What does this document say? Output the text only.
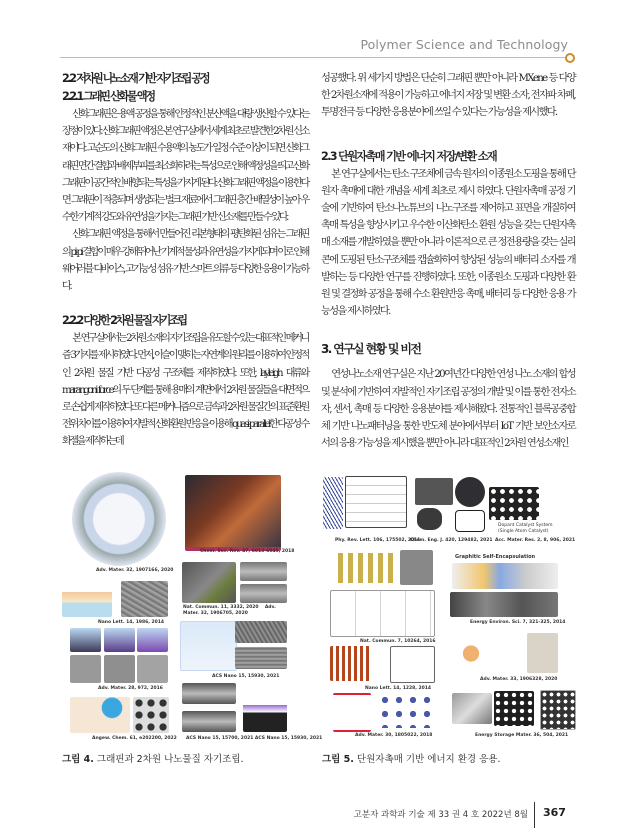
Polymer Science and Technology
2.2 저차원 나노소재 기반 자기조립 공정
2.2.1 그래핀 산화물 액정

산화그래핀은 용액 공정을 통해 안정적인 분산액을 대량 생산할 수 있다는 장점이 있다. 산화그래핀 액정은 본 연구실에서 세계 최초로 발견한 2차원 신소재이다. 고순도의 산화그래핀 수용액의 농도가 일정 수준 이상이 되면 산화그래핀 면간 결합과 배제부피를 최소화하려는 특성으로 인해 액정성을 띄고 산화그래핀이 공간적인 배향되는 특성을 가지게 된다. 산화그래핀 액정을 이용한다면 그래핀이 적층되며 생성되는 벌크 재료에서 그래핀 층간 배열성이 높아 우수한 기계적 강도와 유연성을 가지는 그래핀 기반 신소재를 만들 수 있다.

산화그래핀 액정을 통해서 만들어진 리본형태의 평탄화된 섬유는 그래핀의 pi-pi 결합이 매우 강해 뛰어난 기계적 물성과 유연성을 가지게 되며 이로 인해 웨어러블 디바이스, 고기능성 섬유 기반 스마트 의류 등 다양한 응용이 가능하다.

2.2.2 다양한 2차원 물질 자기조립

본 연구실에서는 2차원 소재의 자기조립을 유도할 수 있는 대표적인 메커니즘 3가지를 제시하였다. 먼저, 이슬이 맺히는 자연계의 원리를 이용하여 안정적인 2차원 물질 기반 다공성 구조체를 제작하였다. 또한, layleigh 대류와 marangoni force의 두 단계를 통해 용매의 계면에서 2차원 물질들을 대면적으로 손쉽게 제작하였다. 또 다른 메커니즘으로 금속과 2차원 물질간의 표준환원전위 차이를 이용하여 자발적 산화환원 반응을 이용해 quasi-parallel한 다공성 수화젤을 제작하는데

성공했다. 위 세가지 방법은 단순히 그래핀 뿐만 아니라 MXene 등 다양한 2차원소재에 적용이 가능하고 에너지 저장 및 변환 소자, 전자파 차폐, 투명전극 등 다양한 응용분야에 쓰일 수 있다는 가능성을 제시했다.

2.3 단원자촉매 기반 에너지 저장/변환 소재

본 연구실에서는 탄소 구조체에 금속 원자의 이종원소 도핑을 통해 단원자 촉매에 대한 개념을 세계 최초로 제시 하였다. 단원자촉매 공정 기술에 기반하여 탄소나노튜브의 나노구조를 제어하고 표면을 개질하여 촉매 특성을 향상시키고 우수한 이산화탄소 환원 성능을 갖는 단원자촉매 소재를 개발하였을 뿐만 아니라 이론적으로 큰 정전용량을 갖는 실리콘에 도핑된 탄소구조체를 캡슐화하여 향상된 성능의 배터리 소자를 개발하는 등 다양한 연구를 진행하였다. 또한, 이종원소 도핑과 다양한 환원 및 결정화 공정을 통해 수소 환원반응 촉매, 배터리 등 다양한 응용 가능성을 제시하였다.

3. 연구실 현황 및 비전

연성나노소재 연구실은 지난 20여년간 다양한 연성 나노 소재의 합성 및 분석에 기반하여 자발적인 자기조립 공정의 개발 및 이를 통한 전자소자, 센서, 촉매 등 다양한 응용분야를 제시해왔다. 전통적인 블록공중합체 기반 나노패터닝을 통한 반도체 분야에서부터 IoT 기반 보안소자로서의 응용 가능성을 제시했을 뿐만 아니라 대표적인 2차원 연성소재인

Adv. Mater. 32, 1907166, 2020
Chem. Soc. Rev. 47, 6013-6045, 2018
Nano Lett. 14, 1986, 2014
Nat. Commun. 11, 3332, 2020    Adv. Mater. 32, 1906705, 2020
ACS Nano 15, 15930, 2021
Adv. Mater. 28, 972, 2016
Angew. Chem. 61, e202200, 2022 ACS Nano 15, 15700, 2021 ACS Nano 15, 15930, 2021
Dopant Catalyst System
(Single Atom Catalyst)
Phy. Rev. Lett. 106, 175502, 2011
Chem. Eng. J. 420, 129482, 2021 Acc. Mater. Res. 2, 8, 906, 2021
Nat. Commun. 7, 10264, 2016
Graphitic Self-Encapsulation
Energy Environ. Sci. 7, 321-325, 2014
Nano Lett. 14, 1228, 2014
Adv. Mater. 33, 1906328, 2020
Adv. Mater. 30, 1805022, 2018	Energy Storage Mater. 36, 504, 2021
그림 4. 그래핀과 2차원 나노물질 자기조립.	그림 5. 단원자촉매 기반 에너지 환경 응용.
고분자 과학과 기술 제 33 권 4 호 2022년 8월 367
